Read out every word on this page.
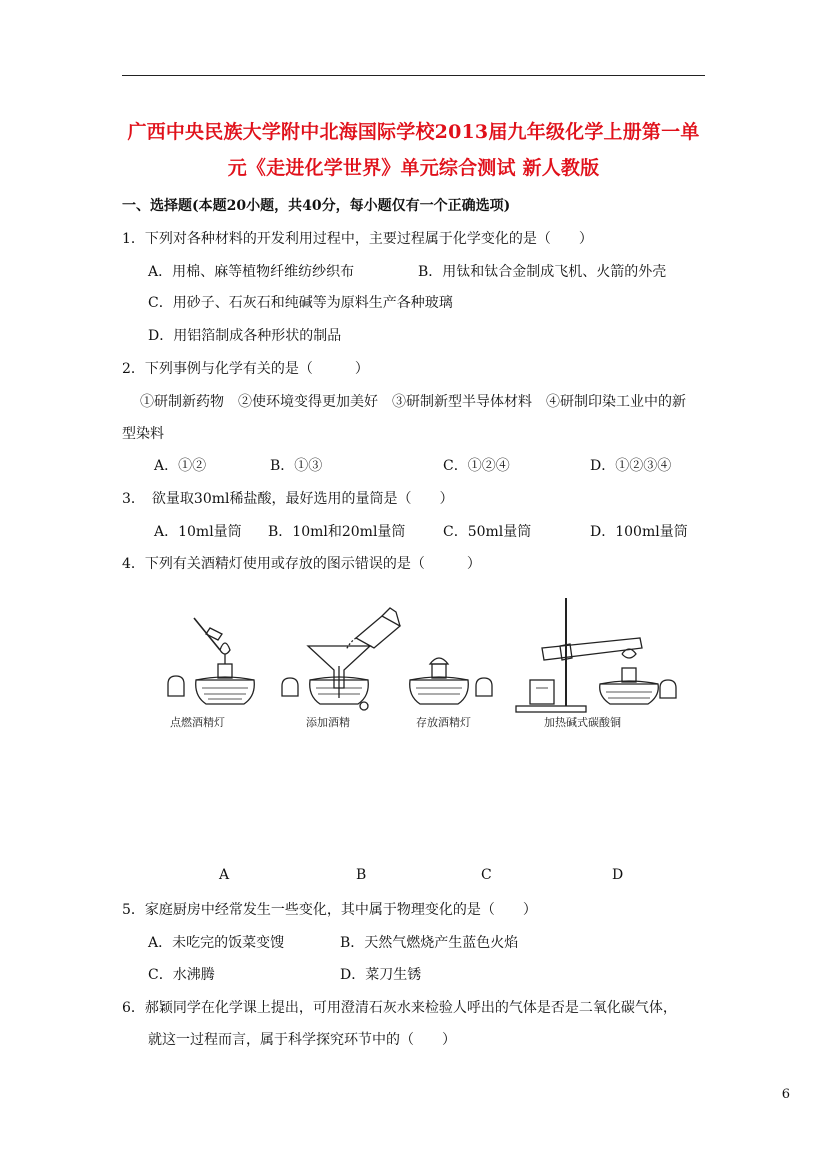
广西中央民族大学附中北海国际学校2013届九年级化学上册第一单
元《走进化学世界》单元综合测试 新人教版
一、选择题(本题20小题，共40分，每小题仅有一个正确选项)
1．下列对各种材料的开发利用过程中，主要过程属于化学变化的是（　　）
A．用棉、麻等植物纤维纺纱织布	B．用钛和钛合金制成飞机、火箭的外壳
C．用砂子、石灰石和纯碱等为原料生产各种玻璃
D．用铝箔制成各种形状的制品
2．下列事例与化学有关的是（　　　）
①研制新药物　②使环境变得更加美好　③研制新型半导体材料　④研制印染工业中的新
型染料
A．①②	B．①③	C．①②④	D．①②③④
3．　欲量取30ml稀盐酸，最好选用的量筒是（　　）
A．10ml量筒 B．10ml和20ml量筒	C．50ml量筒	D．100ml量筒
4．下列有关酒精灯使用或存放的图示错误的是（　　　）
点燃酒精灯	添加酒精	存放酒精灯	加热碱式碳酸铜
A	B	C	D
5．家庭厨房中经常发生一些变化，其中属于物理变化的是（　　）
A．未吃完的饭菜变馊	B．天然气燃烧产生蓝色火焰
C．水沸腾	D．菜刀生锈
6．郝颖同学在化学课上提出，可用澄清石灰水来检验人呼出的气体是否是二氧化碳气体，
就这一过程而言，属于科学探究环节中的（　　）
6
